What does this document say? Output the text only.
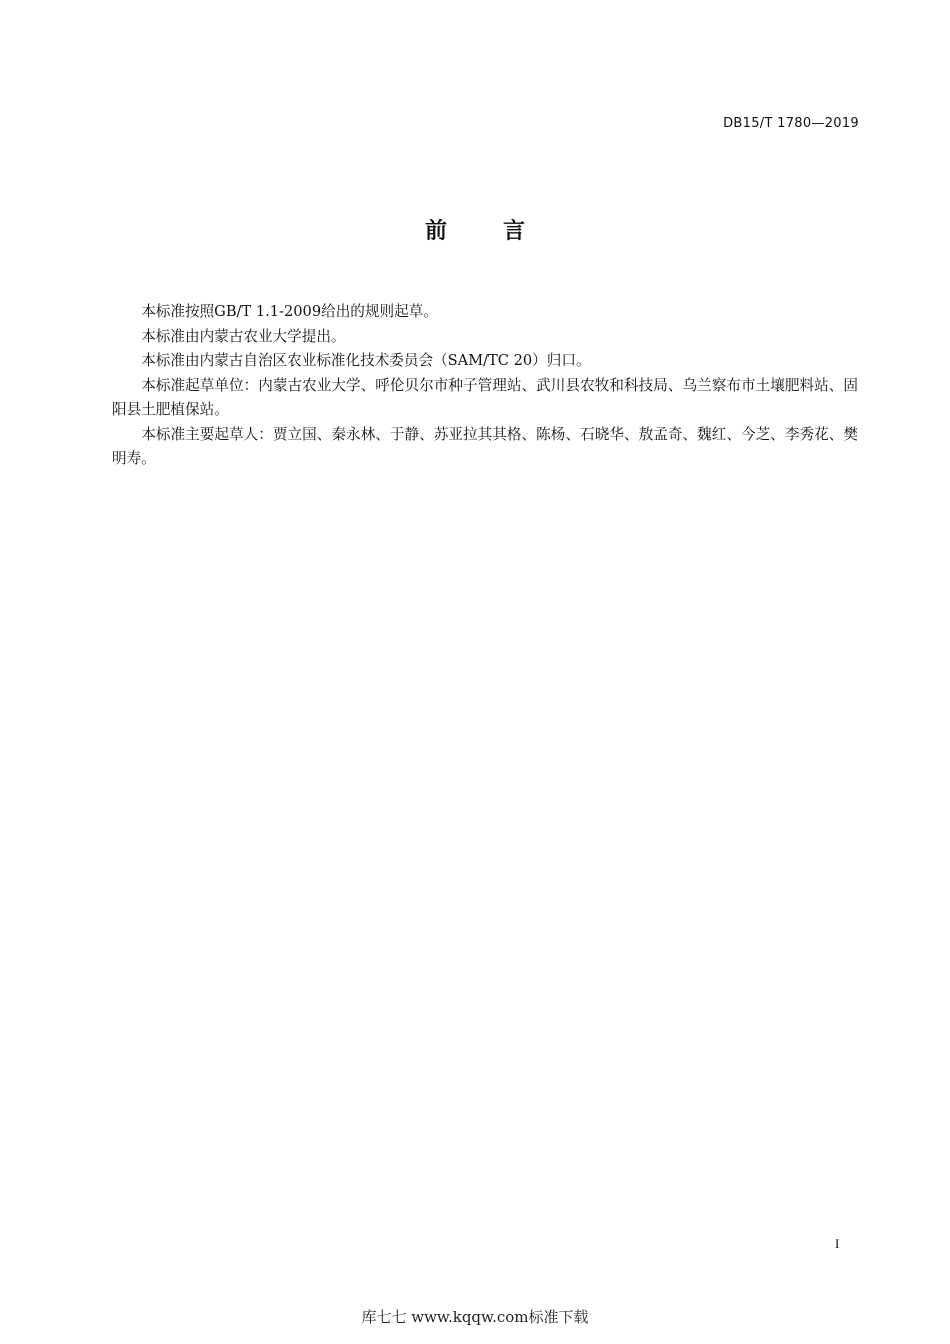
DB15/T 1780—2019
前	言

本标准按照GB/T 1.1-2009给出的规则起草。

本标准由内蒙古农业大学提出。

本标准由内蒙古自治区农业标准化技术委员会（SAM/TC 20）归口。

本标准起草单位：内蒙古农业大学、呼伦贝尔市种子管理站、武川县农牧和科技局、乌兰察布市土壤肥料站、固阳县土肥植保站。

本标准主要起草人：贾立国、秦永林、于静、苏亚拉其其格、陈杨、石晓华、敖孟奇、魏红、今芝、李秀花、樊明寿。

I
库七七 www.kqqw.com标准下载
